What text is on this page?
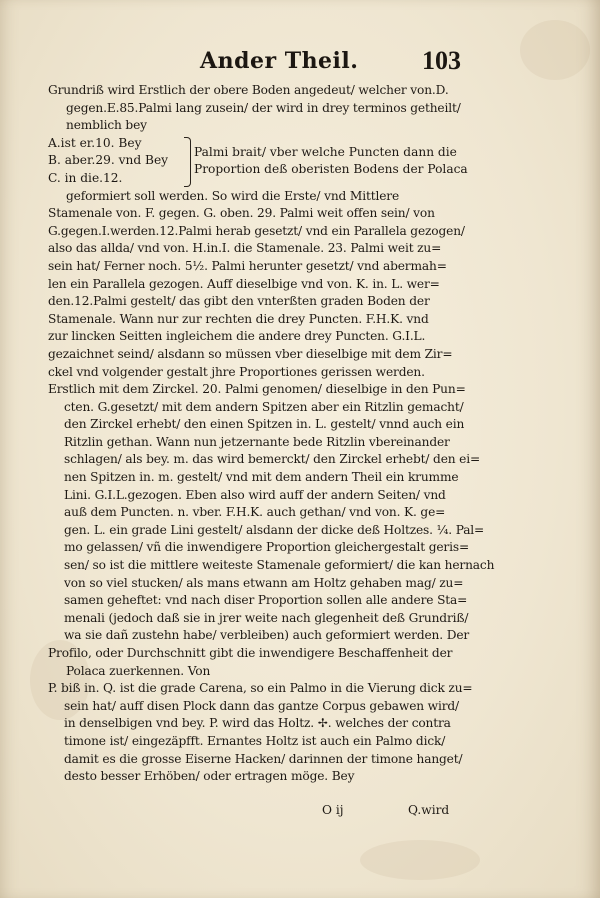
Ander Theil. 103
Grundriß wird Erstlich der obere Boden angedeut/ welcher von.D.
gegen.E.85.Palmi lang zusein/ der wird in drey terminos getheilt/
nemblich bey
A.ist er.10. Bey
B. aber.29. vnd Bey
C. in die.12.
Palmi brait/ vber welche Puncten dann die
Proportion deß oberisten Bodens der Polaca
geformiert soll werden. So wird die Erste/ vnd Mittlere
Stamenale von. F. gegen. G. oben. 29. Palmi weit offen sein/ von
G.gegen.I.werden.12.Palmi herab gesetzt/ vnd ein Parallela gezogen/
also das allda/ vnd von. H.in.I. die Stamenale. 23. Palmi weit zu=
sein hat/ Ferner noch. 5½. Palmi herunter gesetzt/ vnd abermah=
len ein Parallela gezogen. Auff dieselbige vnd von. K. in. L. wer=
den.12.Palmi gestelt/ das gibt den vnterßten graden Boden der
Stamenale. Wann nur zur rechten die drey Puncten. F.H.K. vnd
zur lincken Seitten ingleichem die andere drey Puncten. G.I.L.
gezaichnet seind/ alsdann so müssen vber dieselbige mit dem Zir=
ckel vnd volgender gestalt jhre Proportiones gerissen werden.
Erstlich mit dem Zirckel. 20. Palmi genomen/ dieselbige in den Pun=
cten. G.gesetzt/ mit dem andern Spitzen aber ein Ritzlin gemacht/
den Zirckel erhebt/ den einen Spitzen in. L. gestelt/ vnnd auch ein
Ritzlin gethan. Wann nun jetzernante bede Ritzlin vbereinander
schlagen/ als bey. m. das wird bemerckt/ den Zirckel erhebt/ den ei=
nen Spitzen in. m. gestelt/ vnd mit dem andern Theil ein krumme
Lini. G.I.L.gezogen. Eben also wird auff der andern Seiten/ vnd
auß dem Puncten. n. vber. F.H.K. auch gethan/ vnd von. K. ge=
gen. L. ein grade Lini gestelt/ alsdann der dicke deß Holtzes. ¼. Pal=
mo gelassen/ vñ die inwendigere Proportion gleichergestalt geris=
sen/ so ist die mittlere weiteste Stamenale geformiert/ die kan hernach
von so viel stucken/ als mans etwann am Holtz gehaben mag/ zu=
samen geheftet: vnd nach diser Proportion sollen alle andere Sta=
menali (jedoch daß sie in jrer weite nach glegenheit deß Grundriß/
wa sie dañ zustehn habe/ verbleiben) auch geformiert werden. Der
Profilo, oder Durchschnitt gibt die inwendigere Beschaffenheit der
Polaca zuerkennen. Von
P. biß in. Q. ist die grade Carena, so ein Palmo in die Vierung dick zu=
sein hat/ auff disen Plock dann das gantze Corpus gebawen wird/
in denselbigen vnd bey. P. wird das Holtz. ✢. welches der contra
timone ist/ eingezäpfft. Ernantes Holtz ist auch ein Palmo dick/
damit es die grosse Eiserne Hacken/ darinnen der timone hanget/
desto besser Erhöben/ oder ertragen möge. Bey
O ij	Q.wird
